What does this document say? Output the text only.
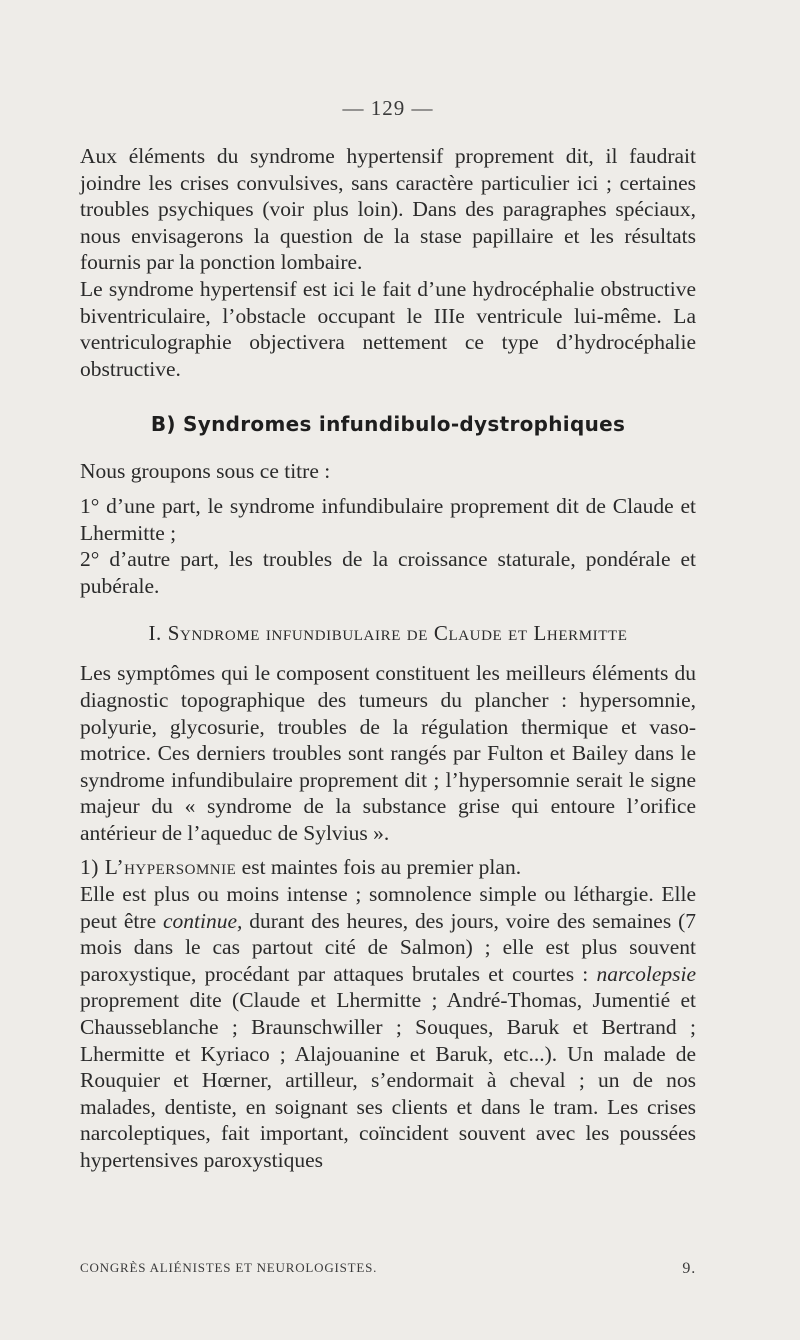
— 129 —

Aux éléments du syndrome hypertensif proprement dit, il faudrait joindre les crises convulsives, sans caractère particulier ici ; certaines troubles psychiques (voir plus loin). Dans des paragraphes spéciaux, nous envisagerons la question de la stase papillaire et les résultats fournis par la ponction lombaire.

Le syndrome hypertensif est ici le fait d’une hydrocéphalie obstructive biventriculaire, l’obstacle occupant le IIIe ventricule lui-même. La ventriculographie objectivera nettement ce type d’hydrocéphalie obstructive.

B) Syndromes infundibulo-dystrophiques

Nous groupons sous ce titre :

1° d’une part, le syndrome infundibulaire proprement dit de Claude et Lhermitte ;

2° d’autre part, les troubles de la croissance staturale, pondérale et pubérale.

I. Syndrome infundibulaire de Claude et Lhermitte

Les symptômes qui le composent constituent les meilleurs éléments du diagnostic topographique des tumeurs du plancher : hypersomnie, polyurie, glycosurie, troubles de la régulation thermique et vaso-motrice. Ces derniers troubles sont rangés par Fulton et Bailey dans le syndrome infundibulaire proprement dit ; l’hypersomnie serait le signe majeur du « syndrome de la substance grise qui entoure l’orifice antérieur de l’aqueduc de Sylvius ».

1) L’hypersomnie est maintes fois au premier plan.

Elle est plus ou moins intense ; somnolence simple ou léthargie. Elle peut être continue, durant des heures, des jours, voire des semaines (7 mois dans le cas partout cité de Salmon) ; elle est plus souvent paroxystique, procédant par attaques brutales et courtes : narcolepsie proprement dite (Claude et Lhermitte ; André-Thomas, Jumentié et Chausseblanche ; Braunschwiller ; Souques, Baruk et Bertrand ; Lhermitte et Kyriaco ; Alajouanine et Baruk, etc...). Un malade de Rouquier et Hœrner, artilleur, s’endormait à cheval ; un de nos malades, dentiste, en soignant ses clients et dans le tram. Les crises narcoleptiques, fait important, coïncident souvent avec les poussées hypertensives paroxystiques

CONGRÈS ALIÉNISTES ET NEUROLOGISTES.	9.
